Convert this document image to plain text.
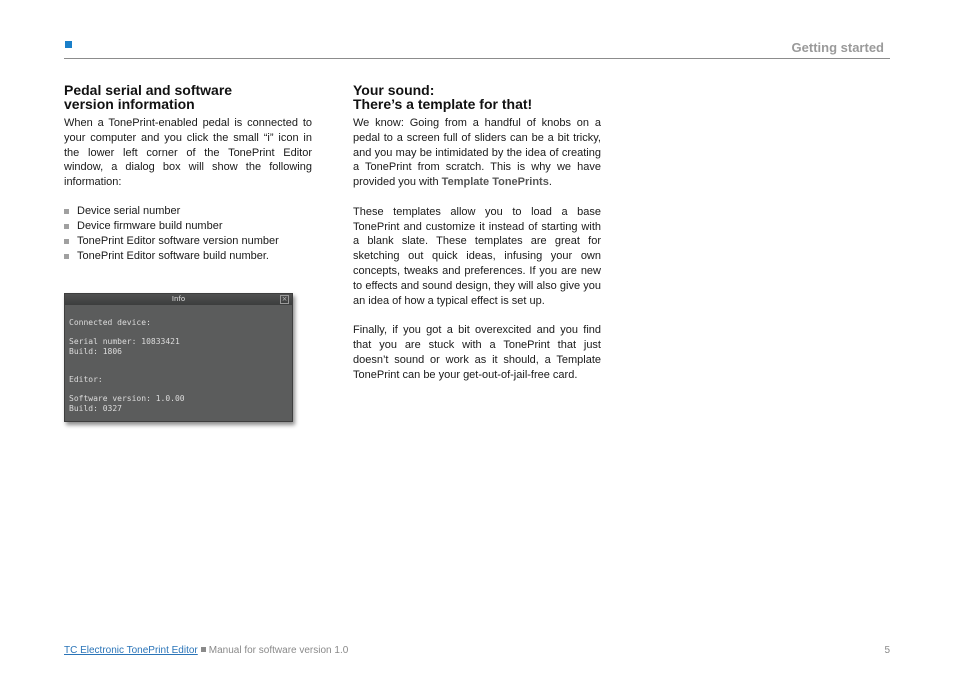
Getting started
Pedal serial and software
version information

When a TonePrint-enabled pedal is connected to your computer and you click the small “i” icon in the lower left corner of the TonePrint Editor window, a dialog box will show the following information:

Device serial number
Device firmware build number
TonePrint Editor software version number
TonePrint Editor software build number.
Info	×
Connected device:
Serial number: 10833421
Build: 1806
Editor:
Software version: 1.0.00
Build: 0327
Your sound:
There’s a template for that!

We know: Going from a handful of knobs on a pedal to a screen full of sliders can be a bit tricky, and you may be intimidated by the idea of creating a TonePrint from scratch. This is why we have provided you with Template TonePrints.

These templates allow you to load a base TonePrint and customize it instead of starting with a blank slate. These templates are great for sketching out quick ideas, infusing your own concepts, tweaks and preferences. If you are new to effects and sound design, they will also give you an idea of how a typical effect is set up.

Finally, if you got a bit overexcited and you find that you are stuck with a TonePrint that just doesn’t sound or work as it should, a Template TonePrint can be your get-out-of-jail-free card.

TC Electronic TonePrint Editor Manual for software version 1.0	5
